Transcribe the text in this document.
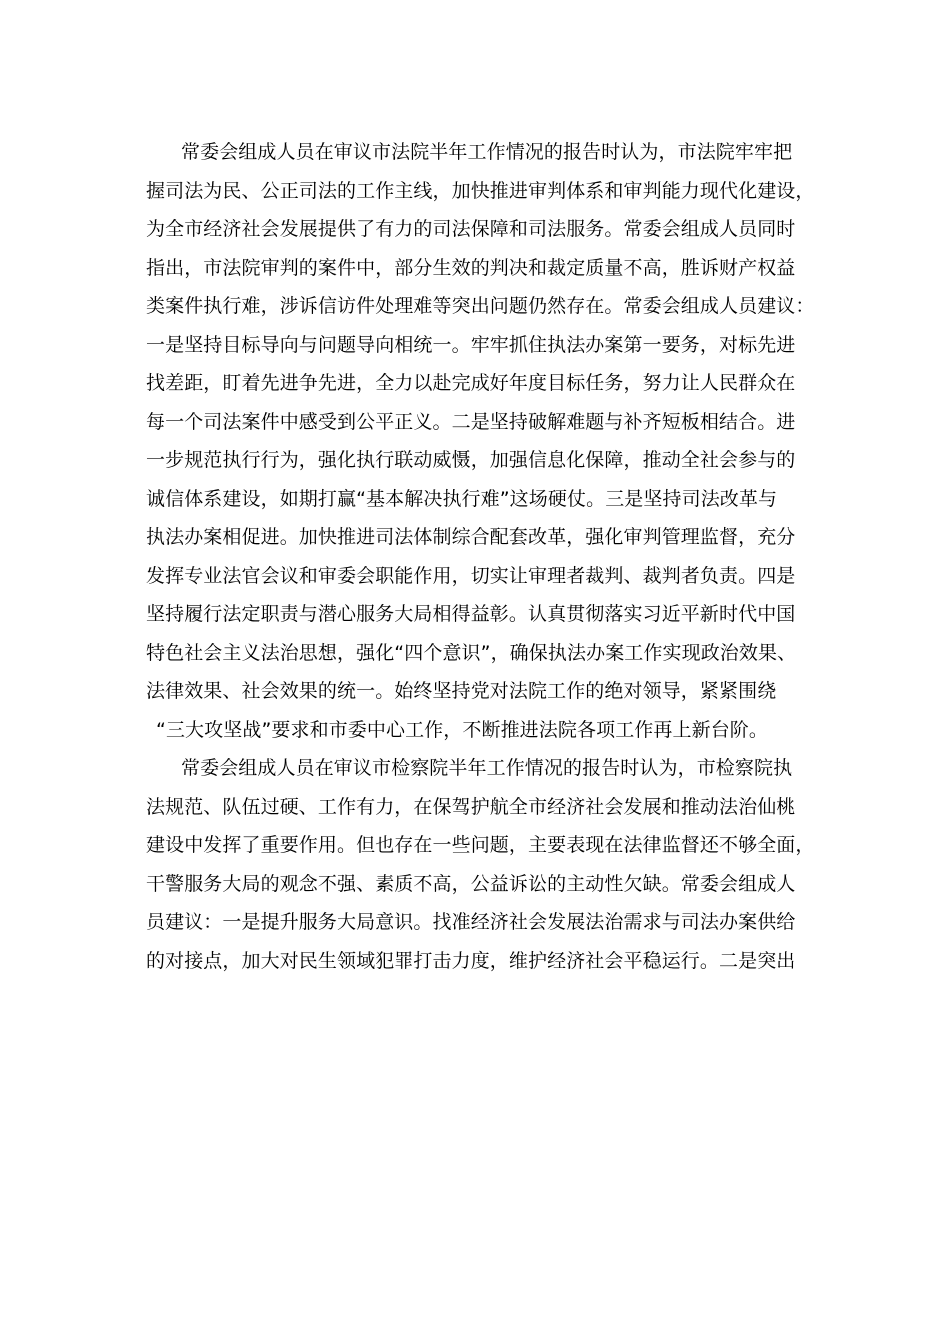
常委会组成人员在审议市法院半年工作情况的报告时认为，市法院牢牢把
握司法为民、公正司法的工作主线，加快推进审判体系和审判能力现代化建设，
为全市经济社会发展提供了有力的司法保障和司法服务。常委会组成人员同时
指出，市法院审判的案件中，部分生效的判决和裁定质量不高，胜诉财产权益
类案件执行难，涉诉信访件处理难等突出问题仍然存在。常委会组成人员建议：
一是坚持目标导向与问题导向相统一。牢牢抓住执法办案第一要务，对标先进
找差距，盯着先进争先进，全力以赴完成好年度目标任务，努力让人民群众在
每一个司法案件中感受到公平正义。二是坚持破解难题与补齐短板相结合。进
一步规范执行行为，强化执行联动威慑，加强信息化保障，推动全社会参与的
诚信体系建设，如期打赢“基本解决执行难”这场硬仗。三是坚持司法改革与
执法办案相促进。加快推进司法体制综合配套改革，强化审判管理监督，充分
发挥专业法官会议和审委会职能作用，切实让审理者裁判、裁判者负责。四是
坚持履行法定职责与潜心服务大局相得益彰。认真贯彻落实习近平新时代中国
特色社会主义法治思想，强化“四个意识”，确保执法办案工作实现政治效果、
法律效果、社会效果的统一。始终坚持党对法院工作的绝对领导，紧紧围绕
“三大攻坚战”要求和市委中心工作，不断推进法院各项工作再上新台阶。
常委会组成人员在审议市检察院半年工作情况的报告时认为，市检察院执
法规范、队伍过硬、工作有力，在保驾护航全市经济社会发展和推动法治仙桃
建设中发挥了重要作用。但也存在一些问题，主要表现在法律监督还不够全面，
干警服务大局的观念不强、素质不高，公益诉讼的主动性欠缺。常委会组成人
员建议：一是提升服务大局意识。找准经济社会发展法治需求与司法办案供给
的对接点，加大对民生领域犯罪打击力度，维护经济社会平稳运行。二是突出
